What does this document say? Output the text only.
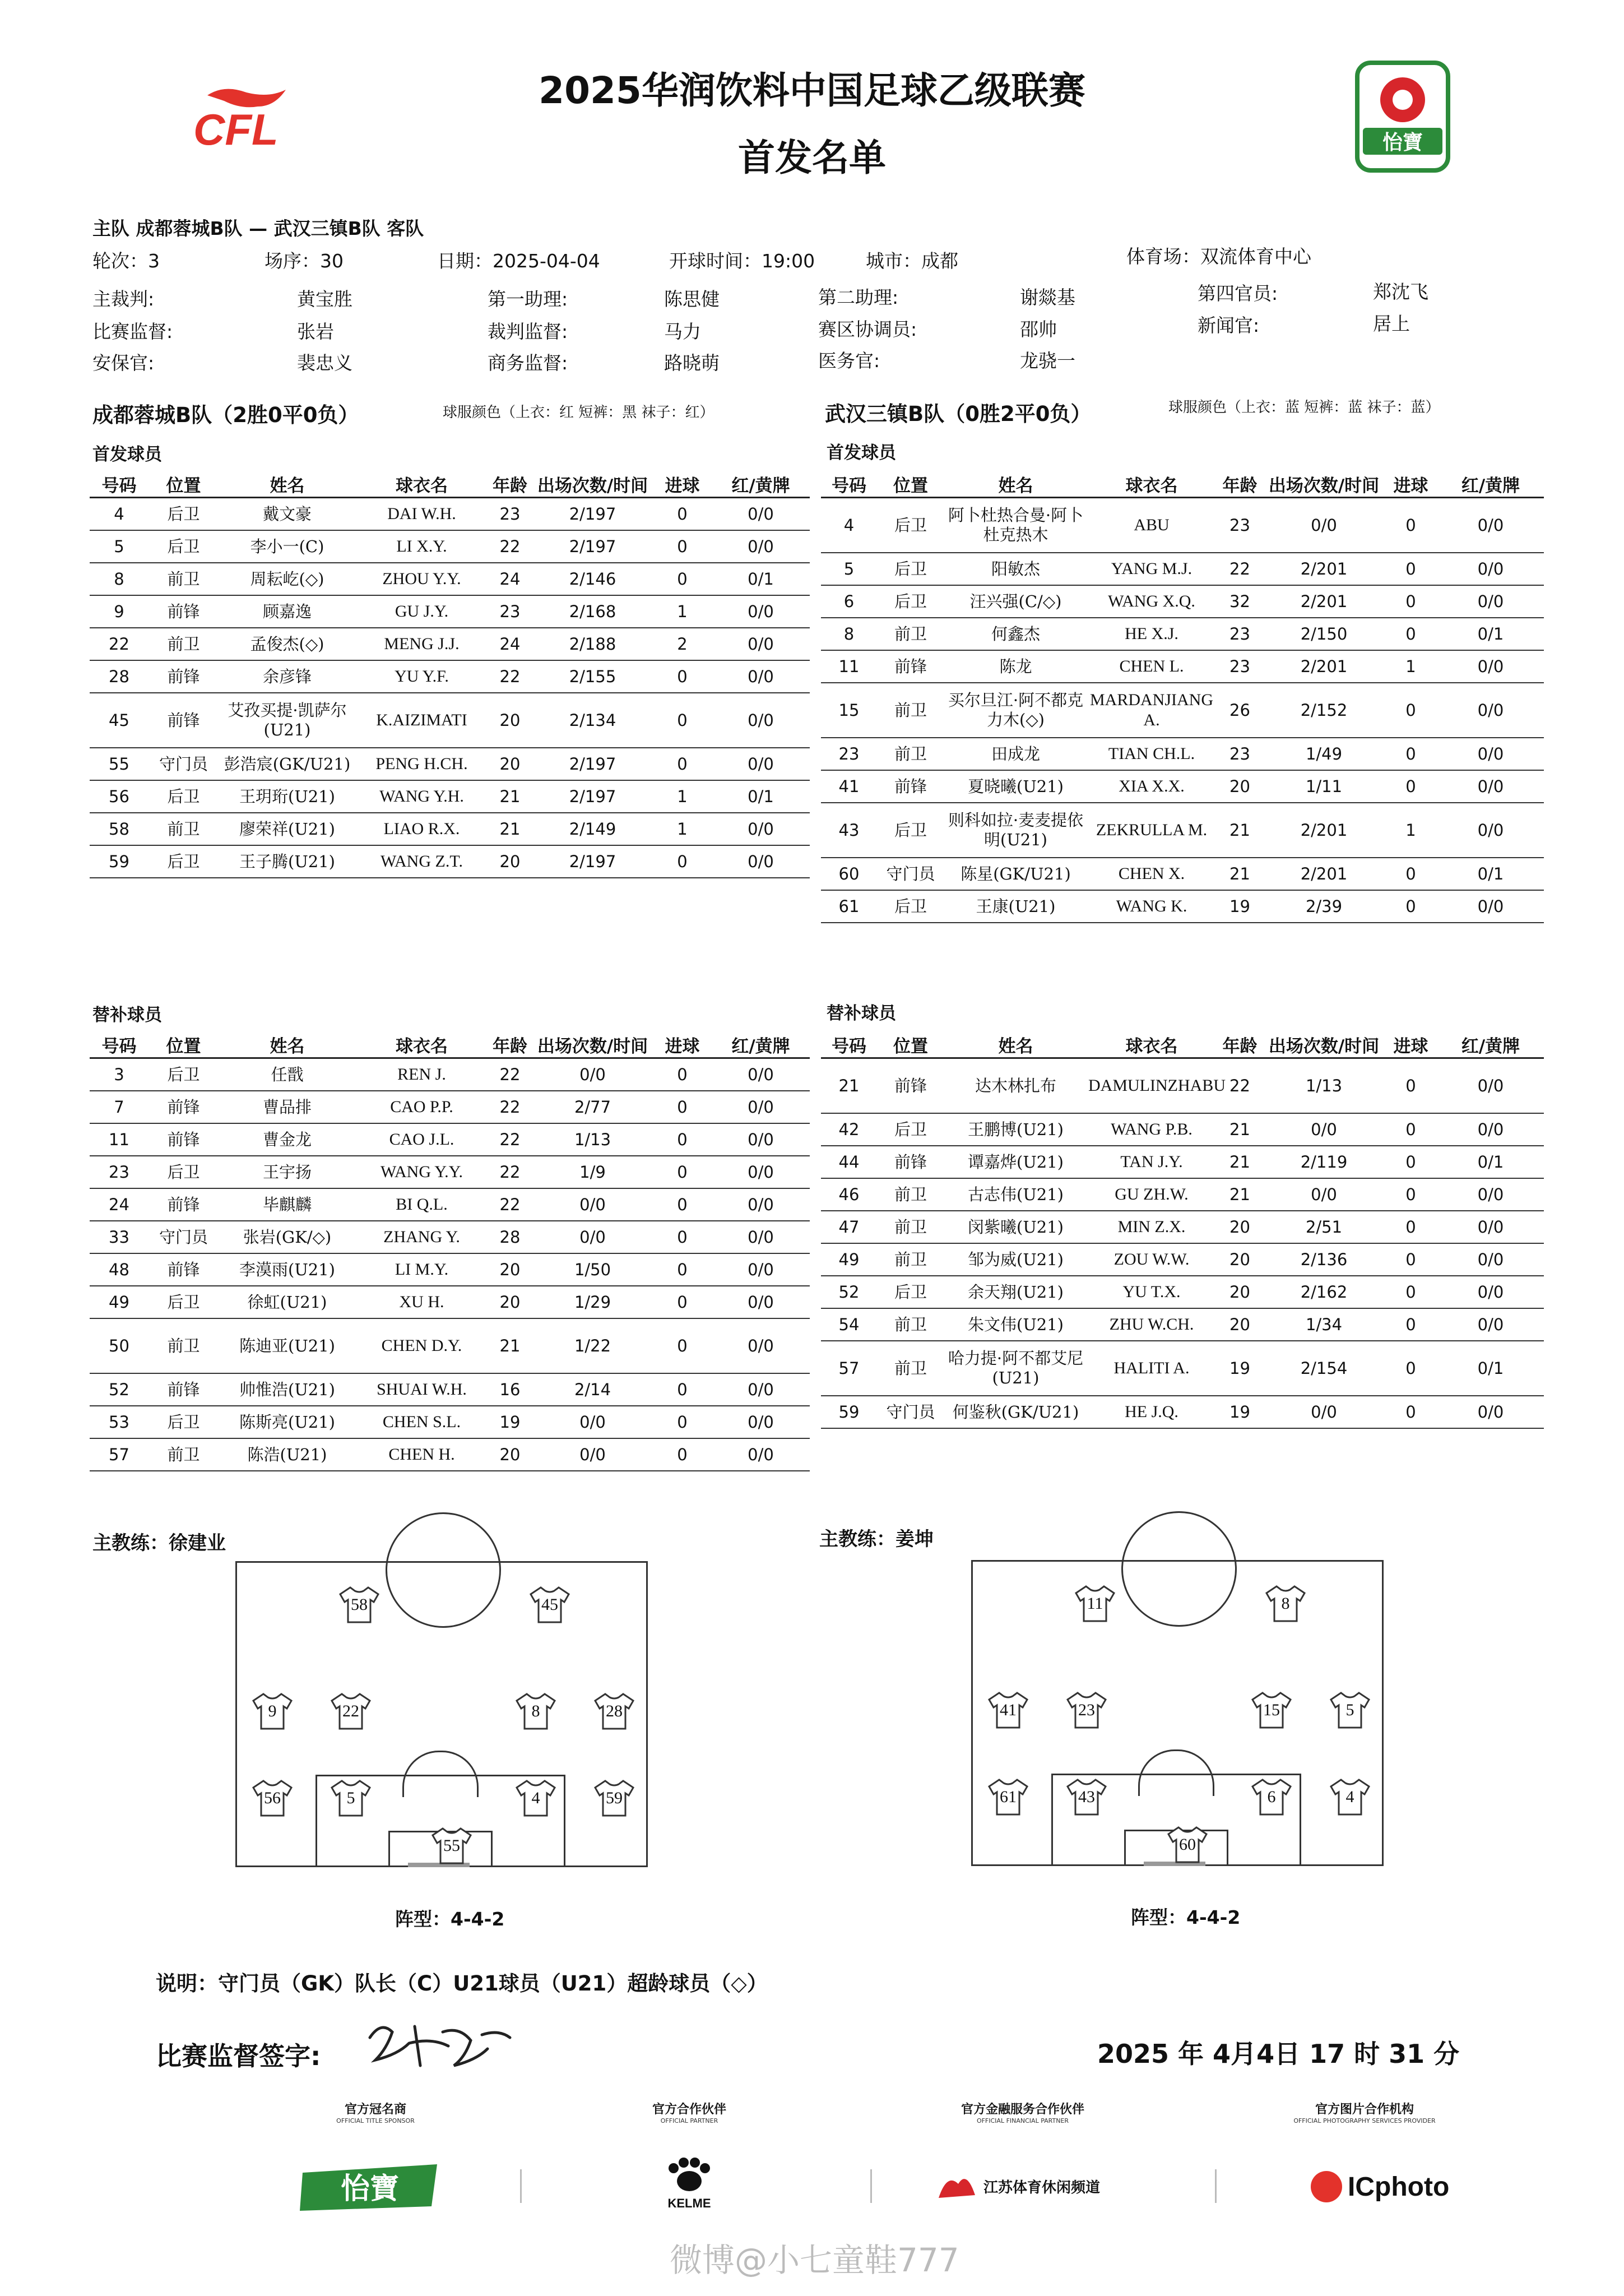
CFL
2025华润饮料中国足球乙级联赛
首发名单	怡寶
主队 成都蓉城B队 — 武汉三镇B队 客队
轮次：3	场序：30	日期：2025-04-04	开球时间：19:00	城市：成都	体育场：双流体育中心
主裁判:	黄宝胜	第一助理:	陈思健	第二助理:	谢燚基	第四官员:	郑沈飞
比赛监督:	张岩	裁判监督:	马力	赛区协调员:	邵帅	新闻官:	居上
安保官:	裴忠义	商务监督:	路晓萌	医务官:	龙骁一
成都蓉城B队（2胜0平0负）	球服颜色（上衣：红 短裤：黑 袜子：红）	武汉三镇B队（0胜2平0负）	球服颜色（上衣：蓝 短裤：蓝 袜子：蓝）
首发球员	首发球员
号码	位置	姓名	球衣名	年龄	出场次数/时间	进球	红/黄牌
4	后卫	戴文豪	DAI W.H.	23	2/197	0	0/0
5	后卫	李小一(C)	LI X.Y.	22	2/197	0	0/0
8	前卫	周耘屹(◇)	ZHOU Y.Y.	24	2/146	0	0/1
9	前锋	顾嘉逸	GU J.Y.	23	2/168	1	0/0
22	前卫	孟俊杰(◇)	MENG J.J.	24	2/188	2	0/0
28	前锋	余彦锋	YU Y.F.	22	2/155	0	0/0
45	前锋	艾孜买提·凯萨尔(U21)	K.AIZIMATI	20	2/134	0	0/0
55	守门员	彭浩宸(GK/U21)	PENG H.CH.	20	2/197	0	0/0
56	后卫	王玥珩(U21)	WANG Y.H.	21	2/197	1	0/1
58	前卫	廖荣祥(U21)	LIAO R.X.	21	2/149	1	0/0
59	后卫	王子腾(U21)	WANG Z.T.	20	2/197	0	0/0
号码	位置	姓名	球衣名	年龄	出场次数/时间	进球	红/黄牌
4	后卫	阿卜杜热合曼·阿卜杜克热木	ABU	23	0/0	0	0/0
5	后卫	阳敏杰	YANG M.J.	22	2/201	0	0/0
6	后卫	汪兴强(C/◇)	WANG X.Q.	32	2/201	0	0/0
8	前卫	何鑫杰	HE X.J.	23	2/150	0	0/1
11	前锋	陈龙	CHEN L.	23	2/201	1	0/0
15	前卫	买尔旦江·阿不都克力木(◇)	MARDANJIANG A.	26	2/152	0	0/0
23	前卫	田成龙	TIAN CH.L.	23	1/49	0	0/0
41	前锋	夏晓曦(U21)	XIA X.X.	20	1/11	0	0/0
43	后卫	则科如拉·麦麦提依明(U21)	ZEKRULLA M.	21	2/201	1	0/0
60	守门员	陈星(GK/U21)	CHEN X.	21	2/201	0	0/1
61	后卫	王康(U21)	WANG K.	19	2/39	0	0/0
替补球员	替补球员
号码	位置	姓名	球衣名	年龄	出场次数/时间	进球	红/黄牌
3	后卫	任戬	REN J.	22	0/0	0	0/0
7	前锋	曹品排	CAO P.P.	22	2/77	0	0/0
11	前锋	曹金龙	CAO J.L.	22	1/13	0	0/0
23	后卫	王宇扬	WANG Y.Y.	22	1/9	0	0/0
24	前锋	毕麒麟	BI Q.L.	22	0/0	0	0/0
33	守门员	张岩(GK/◇)	ZHANG Y.	28	0/0	0	0/0
48	前锋	李漠雨(U21)	LI M.Y.	20	1/50	0	0/0
49	后卫	徐虹(U21)	XU H.	20	1/29	0	0/0
50	前卫	陈迪亚(U21)	CHEN D.Y.	21	1/22	0	0/0
52	前锋	帅惟浩(U21)	SHUAI W.H.	16	2/14	0	0/0
53	后卫	陈斯亮(U21)	CHEN S.L.	19	0/0	0	0/0
57	前卫	陈浩(U21)	CHEN H.	20	0/0	0	0/0
号码	位置	姓名	球衣名	年龄	出场次数/时间	进球	红/黄牌
21	前锋	达木林扎布	DAMULINZHABU	22	1/13	0	0/0
42	后卫	王鹏博(U21)	WANG P.B.	21	0/0	0	0/0
44	前锋	谭嘉烨(U21)	TAN J.Y.	21	2/119	0	0/1
46	前卫	古志伟(U21)	GU ZH.W.	21	0/0	0	0/0
47	前卫	闵紫曦(U21)	MIN Z.X.	20	2/51	0	0/0
49	前卫	邹为威(U21)	ZOU W.W.	20	2/136	0	0/0
52	后卫	余天翔(U21)	YU T.X.	20	2/162	0	0/0
54	前卫	朱文伟(U21)	ZHU W.CH.	20	1/34	0	0/0
57	前卫	哈力提·阿不都艾尼(U21)	HALITI A.	19	2/154	0	0/1
59	守门员	何鉴秋(GK/U21)	HE J.Q.	19	0/0	0	0/0
主教练：徐建业	主教练：姜坤
58	45
9	22	8	28
56	5	4	59
55
阵型：4-4-2
11	8
41	23	15	5
61	43	6	4
60
阵型：4-4-2
说明：守门员（GK）队长（C）U21球员（U21）超龄球员（◇）
比赛监督签字:	2025 年 4月4日 17 时 31 分
官方冠名商
OFFICIAL TITLE SPONSOR
怡寶
官方合作伙伴
OFFICIAL PARTNER
KELME
官方金融服务合作伙伴
OFFICIAL FINANCIAL PARTNER
江苏体育休闲频道
官方图片合作机构
OFFICIAL PHOTOGRAPHY SERVICES PROVIDER
ICphoto
微博@小七童鞋777
